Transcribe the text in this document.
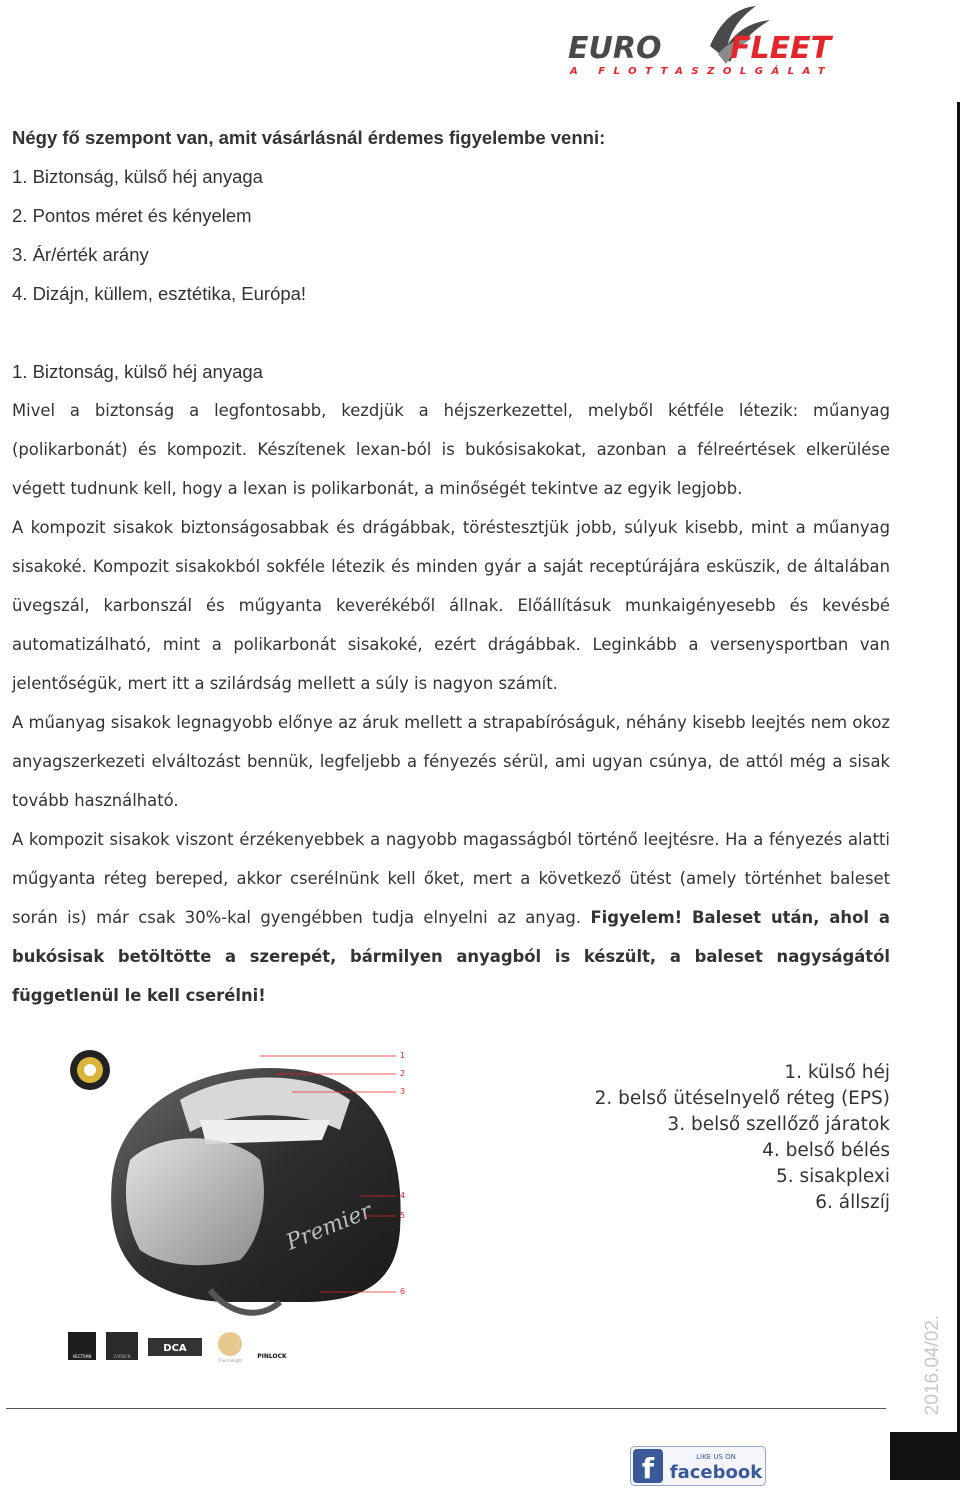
EURO FLEET
A FLOTTASZOLGÁLAT
Négy fő szempont van, amit vásárlásnál érdemes figyelembe venni:
1. Biztonság, külső héj anyaga
2. Pontos méret és kényelem
3. Ár/érték arány
4. Dizájn, küllem, esztétika, Európa!

1. Biztonság, külső héj anyaga

Mivel a biztonság a legfontosabb, kezdjük a héjszerkezettel, melyből kétféle létezik: műanyag (polikarbonát) és kompozit. Készítenek lexan-ból is bukósisakokat, azonban a félreértések elkerülése végett tudnunk kell, hogy a lexan is polikarbonát, a minőségét tekintve az egyik legjobb.

A kompozit sisakok biztonságosabbak és drágábbak, töréstesztjük jobb, súlyuk kisebb, mint a műanyag sisakoké. Kompozit sisakokból sokféle létezik és minden gyár a saját receptúrájára esküszik, de általában üvegszál, karbonszál és műgyanta keverékéből állnak. Előállításuk munkaigényesebb és kevésbé automatizálható, mint a polikarbonát sisakoké, ezért drágábbak. Leginkább a versenysportban van jelentőségük, mert itt a szilárdság mellett a súly is nagyon számít.

A műanyag sisakok legnagyobb előnye az áruk mellett a strapabíróságuk, néhány kisebb leejtés nem okoz anyagszerkezeti elváltozást bennük, legfeljebb a fényezés sérül, ami ugyan csúnya, de attól még a sisak tovább használható.

A kompozit sisakok viszont érzékenyebbek a nagyobb magasságból történő leejtésre. Ha a fényezés alatti műgyanta réteg bereped, akkor cserélnünk kell őket, mert a következő ütést (amely történhet baleset során is) már csak 30%-kal gyengébben tudja elnyelni az anyag. Figyelem! Baleset után, ahol a bukósisak betöltötte a szerepét, bármilyen anyagból is készült, a baleset nagyságától függetlenül le kell cserélni!

Premier
1
2
3
4
5
6
VECTRAN	CARBON
DCA
Thermolight
PINLOCK
1. külső héj
2. belső ütéselnyelő réteg (EPS)
3. belső szellőző járatok
4. belső bélés
5. sisakplexi
6. állszíj
2016.04/02.
f	LIKE US ON
facebook
